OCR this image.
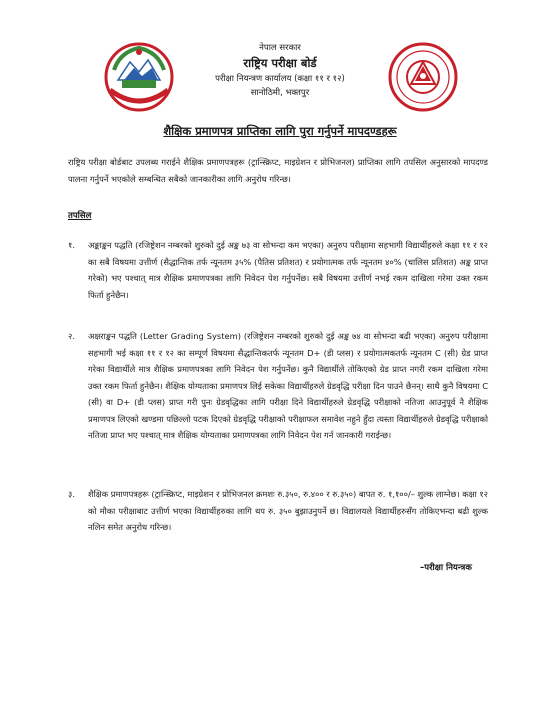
नेपाल सरकार
राष्ट्रिय परीक्षा बोर्ड
परीक्षा नियन्त्रण कार्यालय (कक्षा ११ र १२)
सानोठिमी, भक्तपुर
शैक्षिक प्रमाणपत्र प्राप्तिका लागि पुरा गर्नुपर्ने मापदण्डहरू
राष्ट्रिय परीक्षा बोर्डबाट उपलब्ध गराईने शैक्षिक प्रमाणपत्रहरू (ट्रान्स्क्रिप्ट, माइग्रेशन र प्रोभिजनल) प्राप्तिका लागि तपसिल अनुसारको मापदण्ड पालना गर्नुपर्ने भएकोले सम्बन्धित सबैको जानकारीका लागि अनुरोध गरिन्छ।
तपसिल
१.	अङ्काङ्कन पद्धति (रजिष्ट्रेशन नम्बरको शुरुको दुई अङ्क ७३ वा सोभन्दा कम भएका) अनुरुप परीक्षामा सहभागी विद्यार्थीहरुले कक्षा ११ र १२ का सबै विषयमा उत्तीर्ण (सैद्धान्तिक तर्फ न्यूनतम ३५% (पैतिस प्रतिशत) र प्रयोगात्मक तर्फ न्यूनतम ४०% (चालिस प्रतिशत) अङ्क प्राप्त गरेको) भए पश्चात् मात्र शैक्षिक प्रमाणपत्रका लागि निवेदन पेश गर्नुपर्नेछ। सबै विषयमा उत्तीर्ण नभई रकम दाखिला गरेमा उक्त रकम फिर्ता हुनेछैन।
२.	अक्षराङ्कन पद्धति (Letter Grading System) (रजिष्ट्रेशन नम्बरको शुरुको दुई अङ्क ७४ वा सोभन्दा बढी भएका) अनुरुप परीक्षामा सहभागी भई कक्षा ११ र १२ का सम्पूर्ण विषयमा सैद्धान्तिकतर्फ न्यूनतम D+ (डी प्लस) र प्रयोगात्मकतर्फ न्यूनतम C (सी) ग्रेड प्राप्त गरेका विद्यार्थीले मात्र शैक्षिक प्रमाणपत्रका लागि निवेदन पेश गर्नुपर्नेछ। कुनै विद्यार्थीले तोकिएको ग्रेड प्राप्त नगरी रकम दाखिला गरेमा उक्त रकम फिर्ता हुनेछैन। शैक्षिक योग्यताका प्रमाणपत्र लिई सकेका विद्यार्थीहरुले ग्रेडवृद्धि परीक्षा दिन पाउने छैनन्। साथै कुनै विषयमा C (सी) वा D+ (डी प्लस) प्राप्त गरी पुनः ग्रेडवृद्धिका लागि परीक्षा दिने विद्यार्थीहरुले ग्रेडवृद्धि परीक्षाको नतिजा आउनुपूर्व नै शैक्षिक प्रमाणपत्र लिएको खण्डमा पछिल्लो पटक दिएको ग्रेडवृद्धि परीक्षाको परीक्षाफल समावेश नहुने हुँदा त्यस्ता विद्यार्थीहरुले ग्रेडवृद्धि परीक्षाको नतिजा प्राप्त भए पश्चात् मात्र शैक्षिक योग्यताका प्रमाणपत्रका लागि निवेदन पेश गर्न जानकारी गराईन्छ।
३.	शैक्षिक प्रमाणपत्रहरू (ट्रान्स्क्रिप्ट, माइग्रेशन र प्रोभिजनल क्रमशः रु.३५०, रु.४०० र रु.३५०) बापत रु. १,१००/– शुल्क लाग्नेछ। कक्षा १२ को मौका परीक्षाबाट उत्तीर्ण भएका विद्यार्थीहरुका लागि थप रु. ३५० बुझाउनुपर्ने छ। विद्यालयले विद्यार्थीहरुसँग तोकिएभन्दा बढी शुल्क नलिन समेत अनुरोध गरिन्छ।
–परीक्षा नियन्त्रक
